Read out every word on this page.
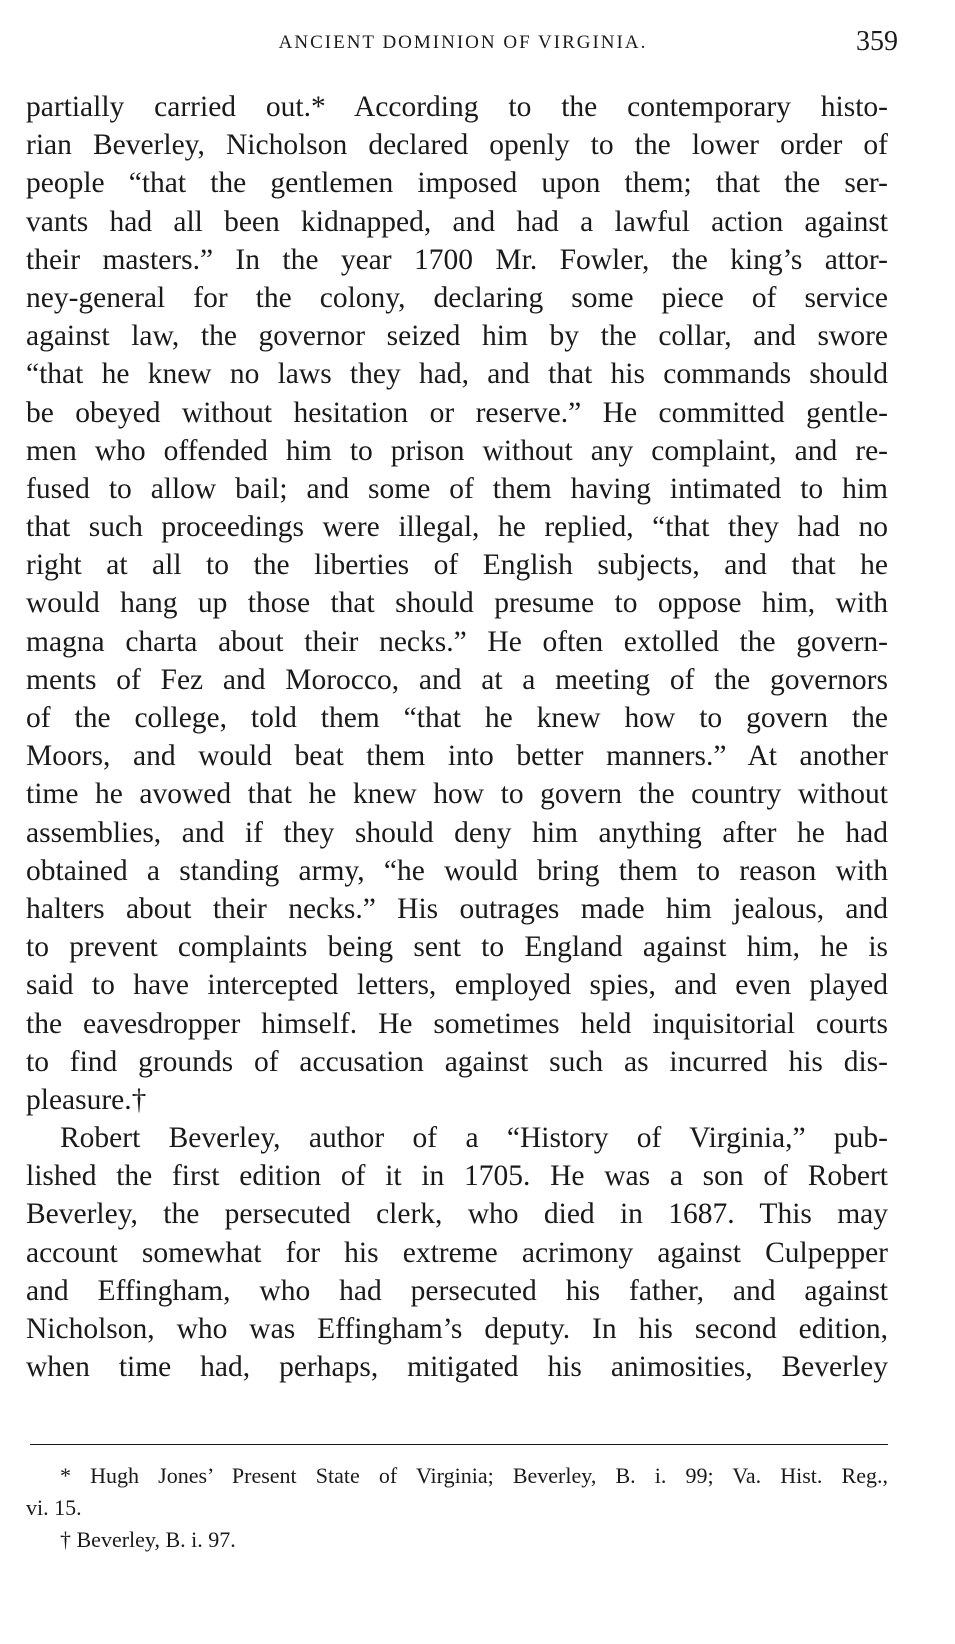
ANCIENT DOMINION OF VIRGINIA.	359
partially carried out.* According to the contemporary histo-
rian Beverley, Nicholson declared openly to the lower order of
people “that the gentlemen imposed upon them; that the ser-
vants had all been kidnapped, and had a lawful action against
their masters.” In the year 1700 Mr. Fowler, the king’s attor-
ney-general for the colony, declaring some piece of service
against law, the governor seized him by the collar, and swore
“that he knew no laws they had, and that his commands should
be obeyed without hesitation or reserve.” He committed gentle-
men who offended him to prison without any complaint, and re-
fused to allow bail; and some of them having intimated to him
that such proceedings were illegal, he replied, “that they had no
right at all to the liberties of English subjects, and that he
would hang up those that should presume to oppose him, with
magna charta about their necks.” He often extolled the govern-
ments of Fez and Morocco, and at a meeting of the governors
of the college, told them “that he knew how to govern the
Moors, and would beat them into better manners.” At another
time he avowed that he knew how to govern the country without
assemblies, and if they should deny him anything after he had
obtained a standing army, “he would bring them to reason with
halters about their necks.” His outrages made him jealous, and
to prevent complaints being sent to England against him, he is
said to have intercepted letters, employed spies, and even played
the eavesdropper himself. He sometimes held inquisitorial courts
to find grounds of accusation against such as incurred his dis-
pleasure.†
Robert Beverley, author of a “History of Virginia,” pub-
lished the first edition of it in 1705. He was a son of Robert
Beverley, the persecuted clerk, who died in 1687. This may
account somewhat for his extreme acrimony against Culpepper
and Effingham, who had persecuted his father, and against
Nicholson, who was Effingham’s deputy. In his second edition,
when time had, perhaps, mitigated his animosities, Beverley
* Hugh Jones’ Present State of Virginia; Beverley, B. i. 99; Va. Hist. Reg.,
vi. 15.
† Beverley, B. i. 97.
